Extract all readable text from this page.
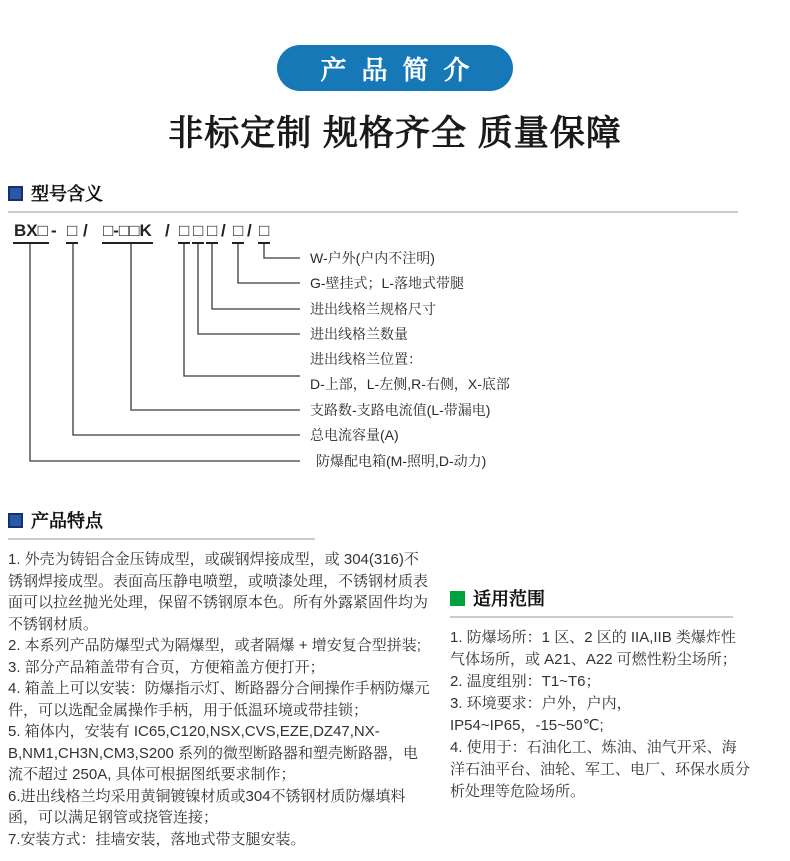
产品简介
非标定制 规格齐全 质量保障
型号含义
BX□ - □ / □-□□K / □ □ □ / □ / □
W-户外(户内不注明)
G-壁挂式；L-落地式带腿
进出线格兰规格尺寸
进出线格兰数量
进出线格兰位置：
D-上部，L-左侧,R-右侧，X-底部
支路数-支路电流值(L-带漏电)
总电流容量(A)
防爆配电箱(M-照明,D-动力)
产品特点

1. 外壳为铸铝合金压铸成型，或碳钢焊接成型，或 304(316)不锈钢焊接成型。表面高压静电喷塑，或喷漆处理，不锈钢材质表面可以拉丝抛光处理，保留不锈钢原本色。所有外露紧固件均为不锈钢材质。

2. 本系列产品防爆型式为隔爆型，或者隔爆 + 增安复合型拼装;

3. 部分产品箱盖带有合页，方便箱盖方便打开；

4. 箱盖上可以安装：防爆指示灯、断路器分合闸操作手柄防爆元件，可以选配金属操作手柄，用于低温环境或带挂锁；

5. 箱体内，安装有 IC65,C120,NSX,CVS,EZE,DZ47,NX-B,NM1,CH3N,CM3,S200 系列的微型断路器和塑壳断路器，电流不超过 250A, 具体可根据图纸要求制作；

6.进出线格兰均采用黄铜镀镍材质或304不锈钢材质防爆填料函，可以满足钢管或挠管连接；

7.安装方式：挂墙安装，落地式带支腿安装。

适用范围

1. 防爆场所：1 区、2 区的 IIA,IIB 类爆炸性气体场所，或 A21、A22 可燃性粉尘场所；

2. 温度组别：T1~T6；

3. 环境要求：户外，户内，IP54~IP65，-15~50℃;

4. 使用于：石油化工、炼油、油气开采、海洋石油平台、油轮、军工、电厂、环保水质分析处理等危险场所。
